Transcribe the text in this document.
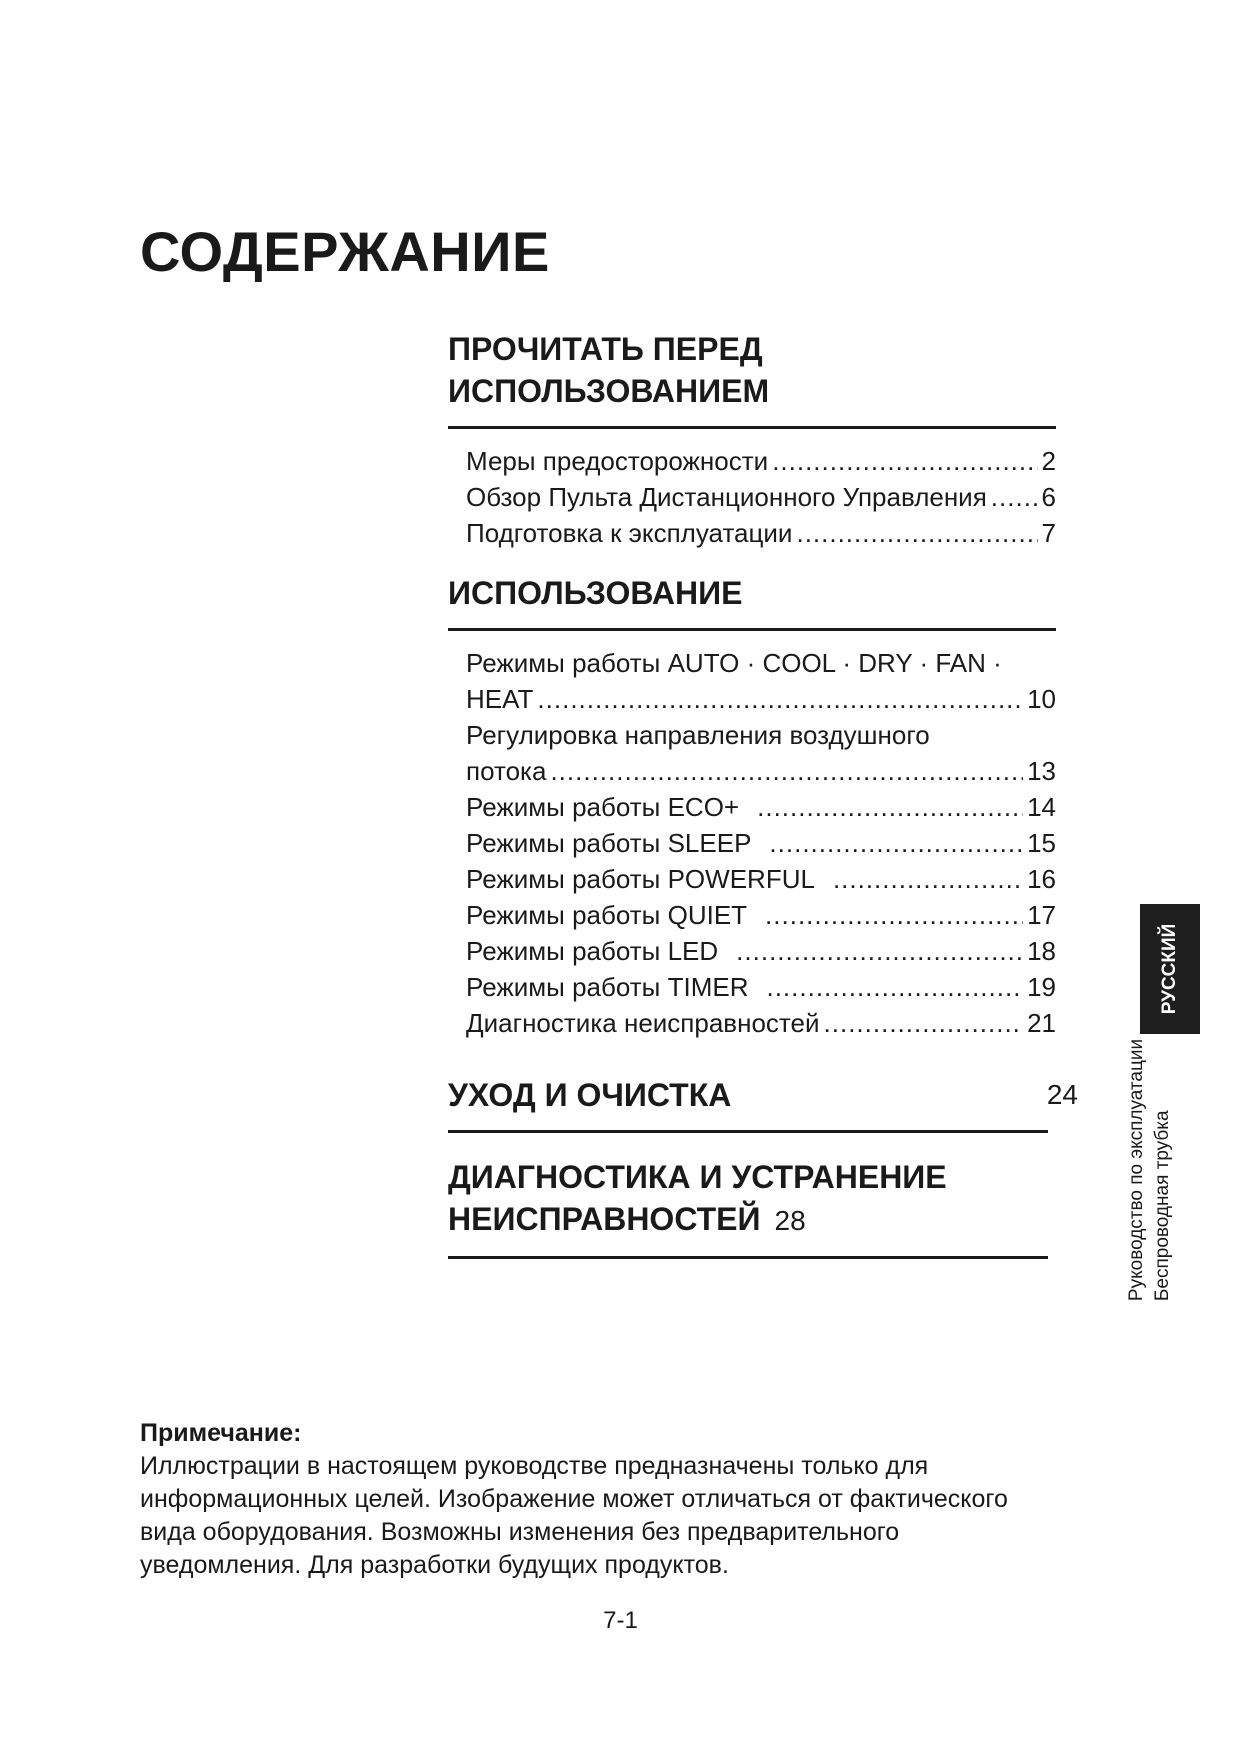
СОДЕРЖАНИЕ
ПРОЧИТАТЬ ПЕРЕД
ИСПОЛЬЗОВАНИЕМ
Меры предосторожности .....	2
Обзор Пульта Дистанционного Управления ..... 6
Подготовка к эксплуатации .....	7
ИСПОЛЬЗОВАНИЕ
Режимы работы AUTO · COOL · DRY · FAN ·
HEAT .....	10
Регулировка направления воздушного
потока .....	13
Режимы работы ECO+ .....	14
Режимы работы SLEEP .....	15
Режимы работы POWERFUL .....	16
Режимы работы QUIET .....	17
Режимы работы LED .....	18
Режимы работы TIMER .....	19
Диагностика неисправностей .....	21
УХОД И ОЧИСТКА	24
ДИАГНОСТИКА И УСТРАНЕНИЕ
НЕИСПРАВНОСТЕЙ 28
РУССКИЙ
Руководство по эксплуатации Беспроводная трубка
Примечание:
Иллюстрации в настоящем руководстве предназначены только для
информационных целей. Изображение может отличаться от фактического
вида оборудования. Возможны изменения без предварительного
уведомления. Для разработки будущих продуктов.
7-1
